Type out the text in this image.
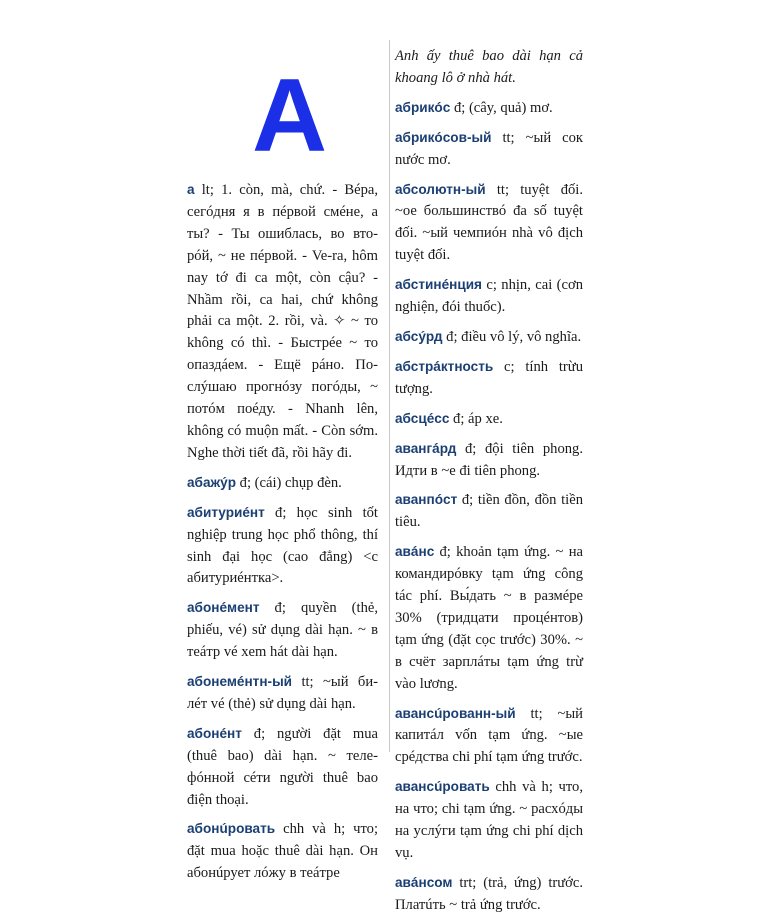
A

а lt; 1. còn, mà, chứ. - Вéра, сегóдня я в пéрвой смéне, а ты? - Ты ошиблась, во вто-рóй, ~ не пéрвой. - Ve-ra, hôm nay tớ đi ca một, còn cậu? - Nhầm rồi, ca hai, chứ không phải ca một. 2. rồi, và. ✧ ~ то không có thì. - Быстрée ~ то опаздáем. - Ещё рáно. По-слýшаю прогнóзу погóды, ~ потóм поéду. - Nhanh lên, không có muộn mất. - Còn sớm. Nghe thời tiết đã, rồi hãy đi.

абажýр đ; (cái) chụp đèn.

абитуриéнт đ; học sinh tốt nghiệp trung học phổ thông, thí sinh đại học (cao đẳng) <с абитуриéнтка>.

абонéмент đ; quyền (thẻ, phiếu, vé) sử dụng dài hạn. ~ в теáтр vé xem hát dài hạn.

абонемéнтн-ый tt; ~ый би-лéт vé (thẻ) sử dụng dài hạn.

абонéнт đ; người đặt mua (thuê bao) dài hạn. ~ теле-фóнной сéти người thuê bao điện thoại.

абонúровать chh và h; что; đặt mua hoặc thuê dài hạn. Он абонúрует лóжу в теáтре

Anh ấy thuê bao dài hạn cả khoang lô ở nhà hát.

абрикóс đ; (cây, quả) mơ.

абрикóсов-ый tt; ~ый сок nước mơ.

абсолютн-ый tt; tuyệt đối. ~ое большинствó đa số tuyệt đối. ~ый чемпиóн nhà vô địch tuyệt đối.

абстинéнция c; nhịn, cai (cơn nghiện, đói thuốc).

абсýрд đ; điều vô lý, vô nghĩa.

абстрáктность c; tính trừu tượng.

абсцéсс đ; áp xe.

авангáрд đ; đội tiên phong. Идти в ~е đi tiên phong.

аванпóст đ; tiền đồn, đồn tiền tiêu.

авáнс đ; khoản tạm ứng. ~ на командирóвку tạm ứng công tác phí. Вы́дать ~ в размéре 30% (тридцати процéнтов) tạm ứng (đặt cọc trước) 30%. ~ в счёт зарплáты tạm ứng trừ vào lương.

авансúрованн-ый tt; ~ый капитáл vốn tạm ứng. ~ые срéдства chi phí tạm ứng trước.

авансúровать chh và h; что, на что; chi tạm ứng. ~ расхóды на услýги tạm ứng chi phí dịch vụ.

авáнсом trt; (trả, ứng) trước. Платúть ~ trả ứng trước.
